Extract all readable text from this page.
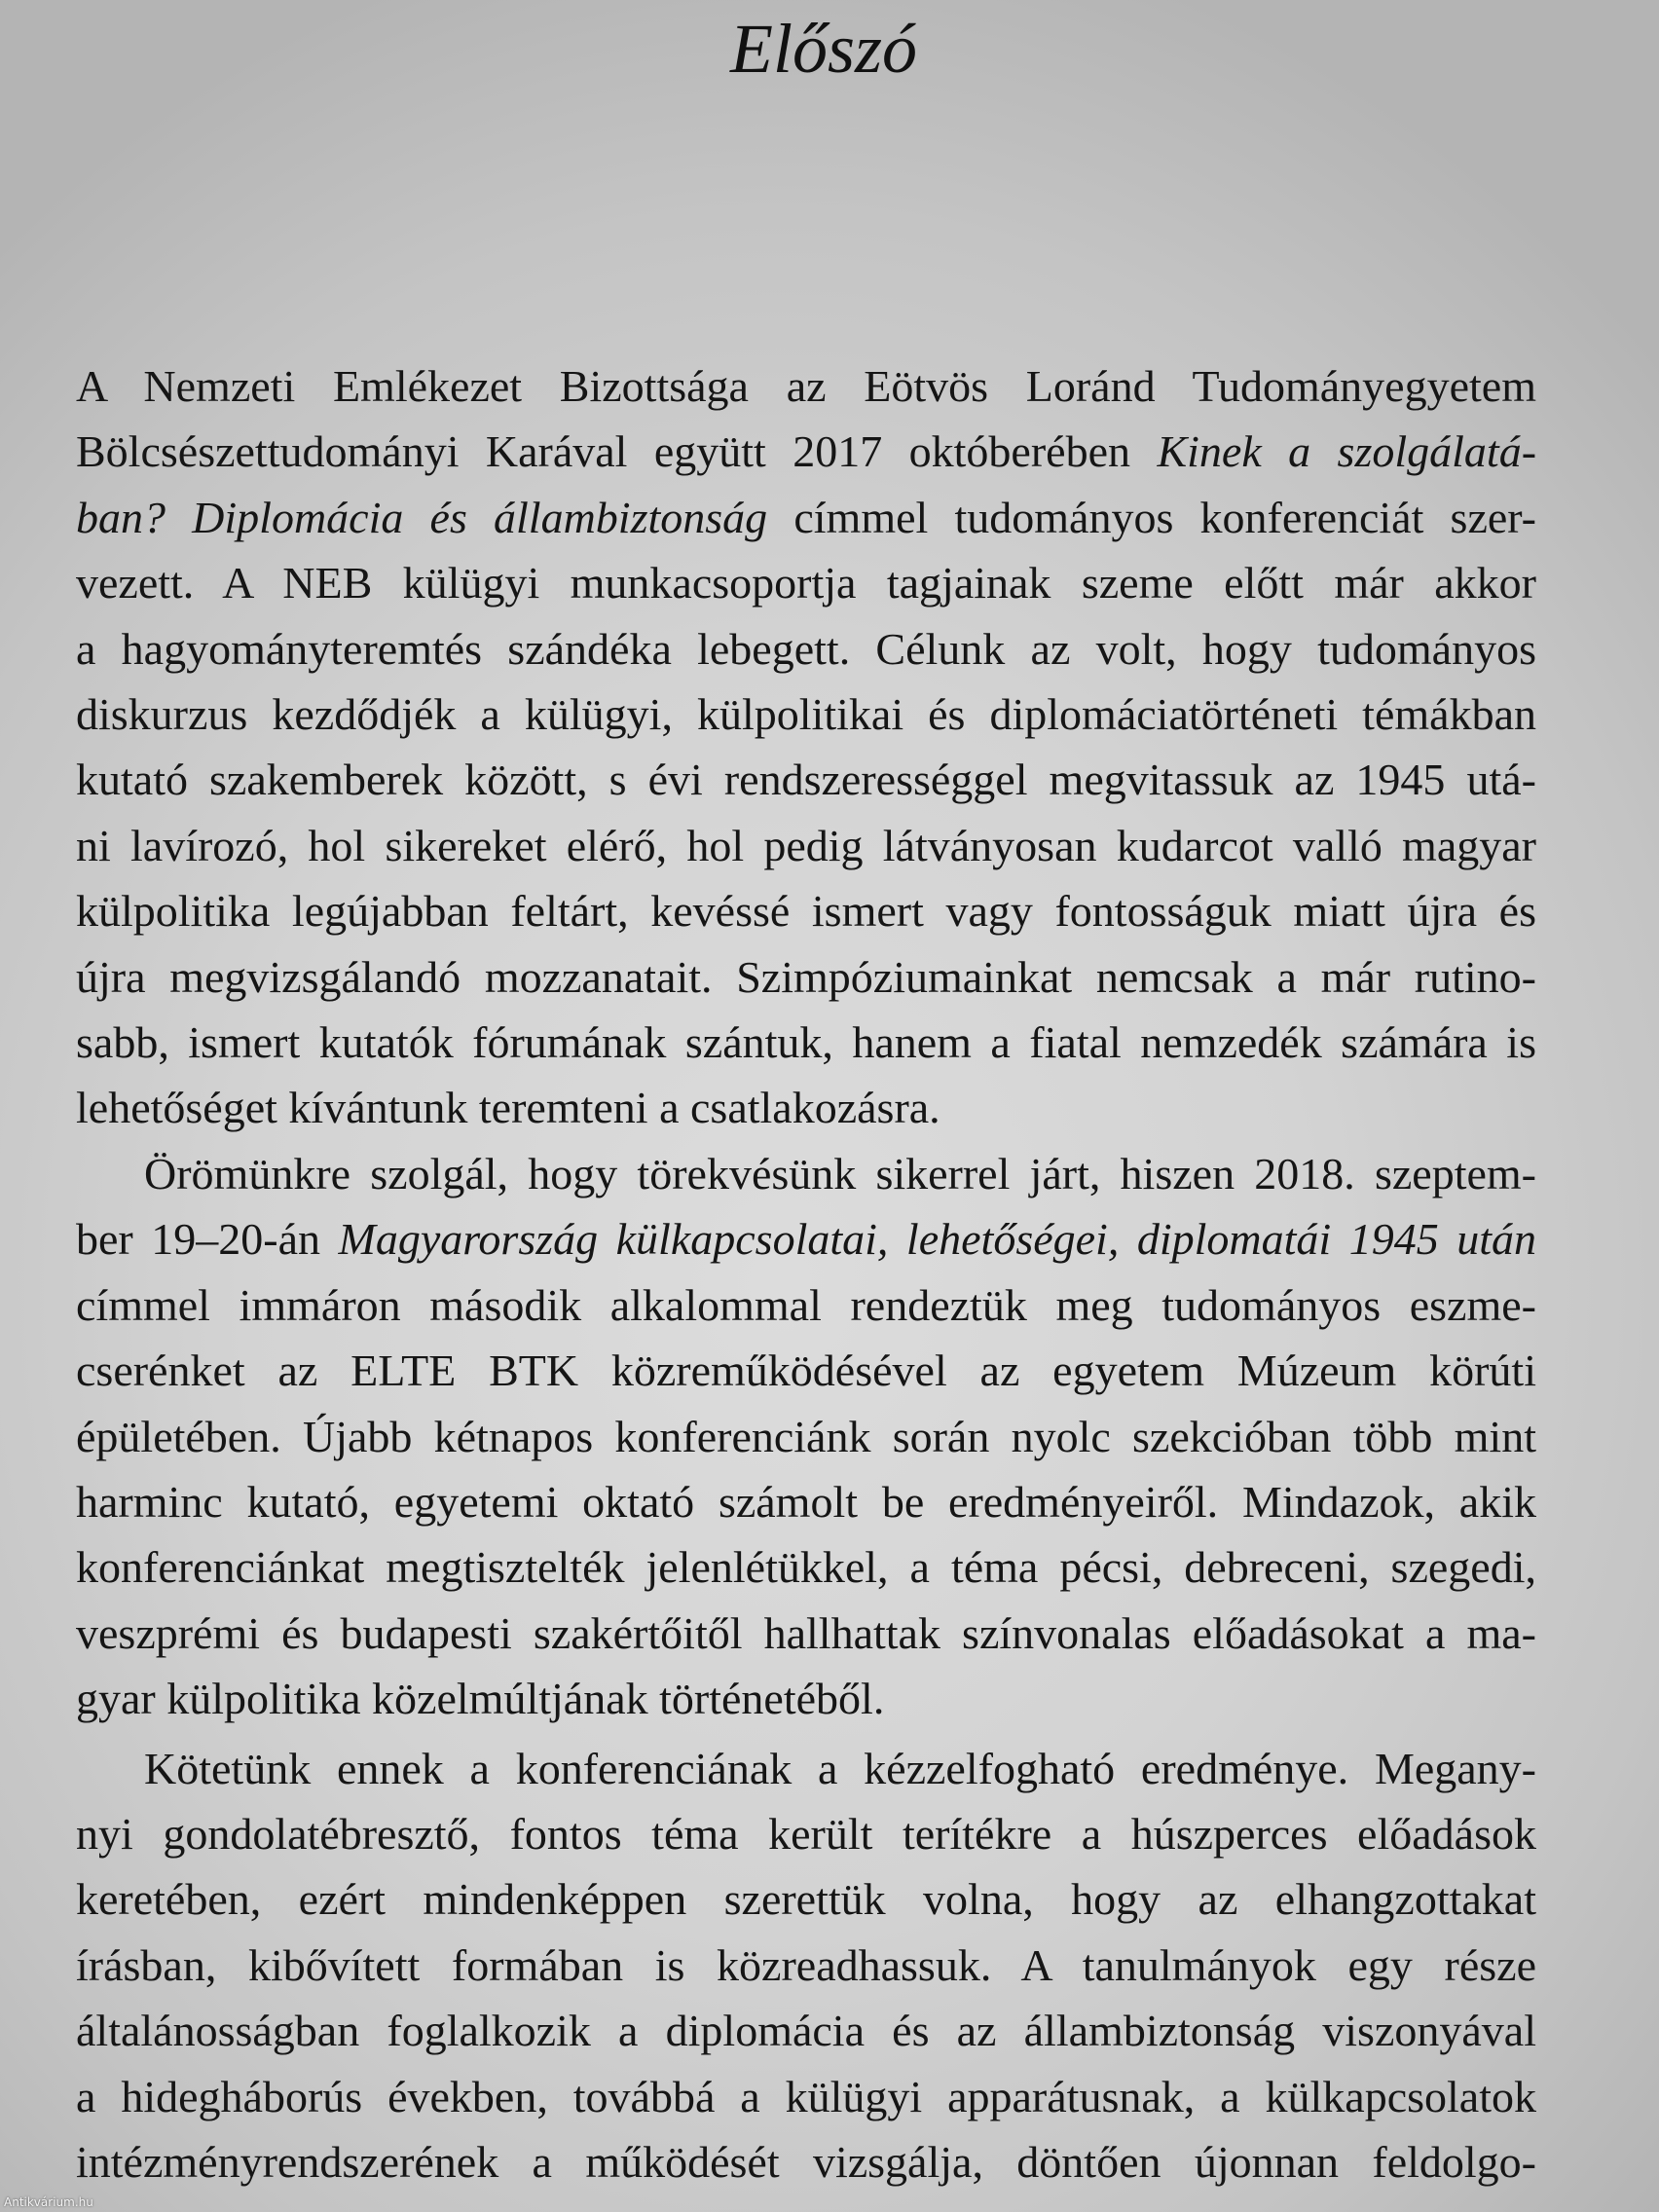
Előszó
A Nemzeti Emlékezet Bizottsága az Eötvös Loránd Tudományegyetem
Bölcsészettudományi Karával együtt 2017 októberében Kinek a szolgálatá-
ban? Diplomácia és állambiztonság címmel tudományos konferenciát szer-
vezett. A NEB külügyi munkacsoportja tagjainak szeme előtt már akkor
a hagyományteremtés szándéka lebegett. Célunk az volt, hogy tudományos
diskurzus kezdődjék a külügyi, külpolitikai és diplomáciatörténeti témákban
kutató szakemberek között, s évi rendszerességgel megvitassuk az 1945 utá-
ni lavírozó, hol sikereket elérő, hol pedig látványosan kudarcot valló magyar
külpolitika legújabban feltárt, kevéssé ismert vagy fontosságuk miatt újra és
újra megvizsgálandó mozzanatait. Szimpóziumainkat nemcsak a már rutino-
sabb, ismert kutatók fórumának szántuk, hanem a fiatal nemzedék számára is
lehetőséget kívántunk teremteni a csatlakozásra.
Örömünkre szolgál, hogy törekvésünk sikerrel járt, hiszen 2018. szeptem-
ber 19–20-án Magyarország külkapcsolatai, lehetőségei, diplomatái 1945 után
címmel immáron második alkalommal rendeztük meg tudományos eszme-
cserénket az ELTE BTK közreműködésével az egyetem Múzeum körúti
épületében. Újabb kétnapos konferenciánk során nyolc szekcióban több mint
harminc kutató, egyetemi oktató számolt be eredményeiről. Mindazok, akik
konferenciánkat megtisztelték jelenlétükkel, a téma pécsi, debreceni, szegedi,
veszprémi és budapesti szakértőitől hallhattak színvonalas előadásokat a ma-
gyar külpolitika közelmúltjának történetéből.
Kötetünk ennek a konferenciának a kézzelfogható eredménye. Megany-
nyi gondolatébresztő, fontos téma került terítékre a húszperces előadások
keretében, ezért mindenképpen szerettük volna, hogy az elhangzottakat
írásban, kibővített formában is közreadhassuk. A tanulmányok egy része
általánosságban foglalkozik a diplomácia és az állambiztonság viszonyával
a hidegháborús években, továbbá a külügyi apparátusnak, a külkapcsolatok
intézményrendszerének a működését vizsgálja, döntően újonnan feldolgo-
Antikvárium.hu
